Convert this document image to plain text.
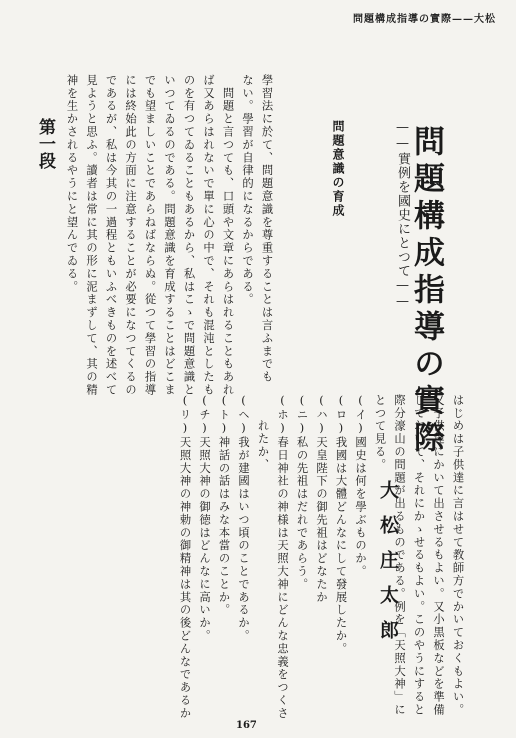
問題構成指導の實際——大松
問題構成指導の實際
——實例を國史にとつて——
大松庄太郎
問題意識の育成
學習法に於て、問題意識を尊重することは言ふまでも
ない。學習が自律的になるからである。
　問題と言つても、口頭や文章にあらはれることもあれ
ば又あらはれないで單に心の中で、それも混沌としたも
のを有つてゐることもあるから、私はこゝで問題意識と
いつてゐるのである。問題意識を育成することはどこま
でも望ましいことであらねばならぬ。從つて學習の指導
には終始此の方面に注意することが必要になつてくるの
であるが、私は今其の一過程ともいふべきものを述べて
見ようと思ふ。讀者は常に其の形に泥まずして、其の精
神を生かされるやうにと望んでゐる。
はじめは子供達に言はせて教師方でかいておくもよい。
又子供達にかいて出させるもよい。又小黒板などを準備
しておいて、それにかゝせるもよい。このやうにすると
際分濠山の問題が出るものである。例を「天照大神」に
とつて見る。
(イ)國史は何を學ぶものか。
(ロ)我國は大體どんなにして發展したか。
(ハ)天皇陛下の御先祖はどなたか
(ニ)私の先祖はだれであらう。
(ホ)春日神社の神様は天照大神にどんな忠義をつくさ
　　れたか、
(ヘ)我が建國はいつ頃のことであるか。
(ト)神話の話はみな本當のことか。
(チ)天照大神の御徳はどんなに高いか。
(リ)天照大神の神勅の御精神は其の後どんなであるか
第一段
167
